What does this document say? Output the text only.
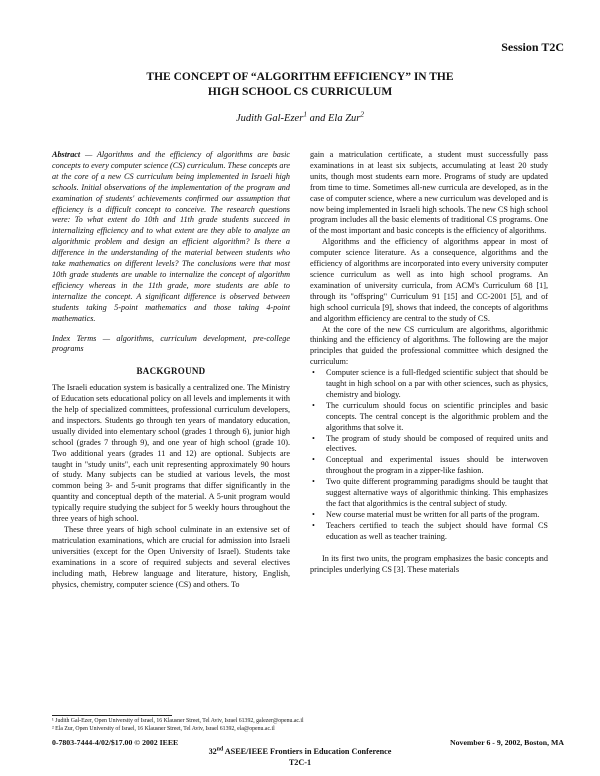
Session T2C
THE CONCEPT OF “ALGORITHM EFFICIENCY” IN THE
HIGH SCHOOL CS CURRICULUM
Judith Gal-Ezer$^1$ and Ela Zur$^2$

Abstract — Algorithms and the efficiency of algorithms are basic concepts to every computer science (CS) curriculum. These concepts are at the core of a new CS curriculum being implemented in Israeli high schools. Initial observations of the implementation of the program and examination of students' achievements confirmed our assumption that efficiency is a difficult concept to conceive. The research questions were: To what extent do 10th and 11th grade students succeed in internalizing efficiency and to what extent are they able to analyze an algorithmic problem and design an efficient algorithm? Is there a difference in the understanding of the material between students who take mathematics on different levels? The conclusions were that most 10th grade students are unable to internalize the concept of algorithm efficiency whereas in the 11th grade, more students are able to internalize the concept. A significant difference is observed between students taking 5-point mathematics and those taking 4-point mathematics.

Index Terms — algorithms, curriculum development, pre-college programs

BACKGROUND

The Israeli education system is basically a centralized one. The Ministry of Education sets educational policy on all levels and implements it with the help of specialized committees, professional curriculum developers, and inspectors. Students go through ten years of mandatory education, usually divided into elementary school (grades 1 through 6), junior high school (grades 7 through 9), and one year of high school (grade 10). Two additional years (grades 11 and 12) are optional. Subjects are taught in "study units", each unit representing approximately 90 hours of study. Many subjects can be studied at various levels, the most common being 3- and 5-unit programs that differ significantly in the quantity and conceptual depth of the material. A 5-unit program would typically require studying the subject for 5 weekly hours throughout the three years of high school.

These three years of high school culminate in an extensive set of matriculation examinations, which are crucial for admission into Israeli universities (except for the Open University of Israel). Students take examinations in a score of required subjects and several electives including math, Hebrew language and literature, history, English, physics, chemistry, computer science (CS) and others. To

gain a matriculation certificate, a student must successfully pass examinations in at least six subjects, accumulating at least 20 study units, though most students earn more. Programs of study are updated from time to time. Sometimes all-new curricula are developed, as in the case of computer science, where a new curriculum was developed and is now being implemented in Israeli high schools. The new CS high school program includes all the basic elements of traditional CS programs. One of the most important and basic concepts is the efficiency of algorithms.

Algorithms and the efficiency of algorithms appear in most of computer science literature. As a consequence, algorithms and the efficiency of algorithms are incorporated into every university computer science curriculum as well as into high school programs. An examination of university curricula, from ACM's Curriculum 68 [1], through its "offspring" Curriculum 91 [15] and CC-2001 [5], and of high school curricula [9], shows that indeed, the concepts of algorithms and algorithm efficiency are central to the study of CS.

At the core of the new CS curriculum are algorithms, algorithmic thinking and the efficiency of algorithms. The following are the major principles that guided the professional committee which designed the curriculum:

• Computer science is a full-fledged scientific subject that should be taught in high school on a par with other sciences, such as physics, chemistry and biology.
• The curriculum should focus on scientific principles and basic concepts. The central concept is the algorithmic problem and the algorithms that solve it.
• The program of study should be composed of required units and electives.
• Conceptual and experimental issues should be interwoven throughout the program in a zipper-like fashion.
• Two quite different programming paradigms should be taught that suggest alternative ways of algorithmic thinking. This emphasizes the fact that algorithmics is the central subject of study.
• New course material must be written for all parts of the program.
• Teachers certified to teach the subject should have formal CS education as well as teacher training.

In its first two units, the program emphasizes the basic concepts and principles underlying CS [3]. These materials

¹ Judith Gal-Ezer, Open University of Israel, 16 Klausner Street, Tel Aviv, Israel 61392, galezer@openu.ac.il
² Ela Zur, Open University of Israel, 16 Klausner Street, Tel Aviv, Israel 61392, ela@openu.ac.il
0-7803-7444-4/02/$17.00 © 2002 IEEE	November 6 - 9, 2002, Boston, MA
32nd ASEE/IEEE Frontiers in Education Conference
T2C-1
